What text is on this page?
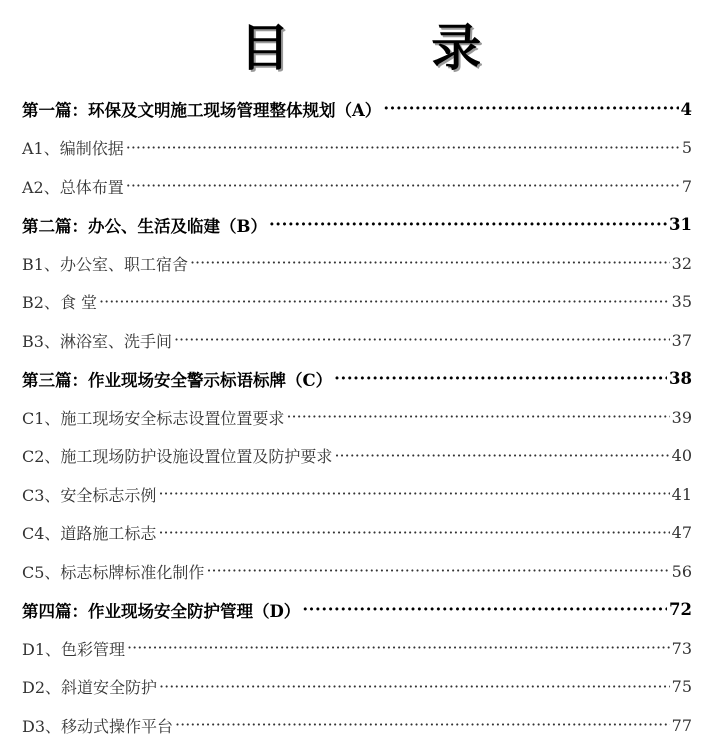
目 录
第一篇：环保及文明施工现场管理整体规划（A） ·····	4
A1、编制依据 ·····	5
A2、总体布置 ·····	7
第二篇：办公、生活及临建（B） ·····	31
B1、办公室、职工宿舍 ·····	32
B2、食 堂 ·····	35
B3、淋浴室、洗手间 ·····	37
第三篇：作业现场安全警示标语标牌（C） ·····	38
C1、施工现场安全标志设置位置要求 ·····	39
C2、施工现场防护设施设置位置及防护要求 ·····	40
C3、安全标志示例 ·····	41
C4、道路施工标志 ·····	47
C5、标志标牌标准化制作 ·····	56
第四篇：作业现场安全防护管理（D） ·····	72
D1、色彩管理 ·····	73
D2、斜道安全防护 ·····	75
D3、移动式操作平台 ·····	77
